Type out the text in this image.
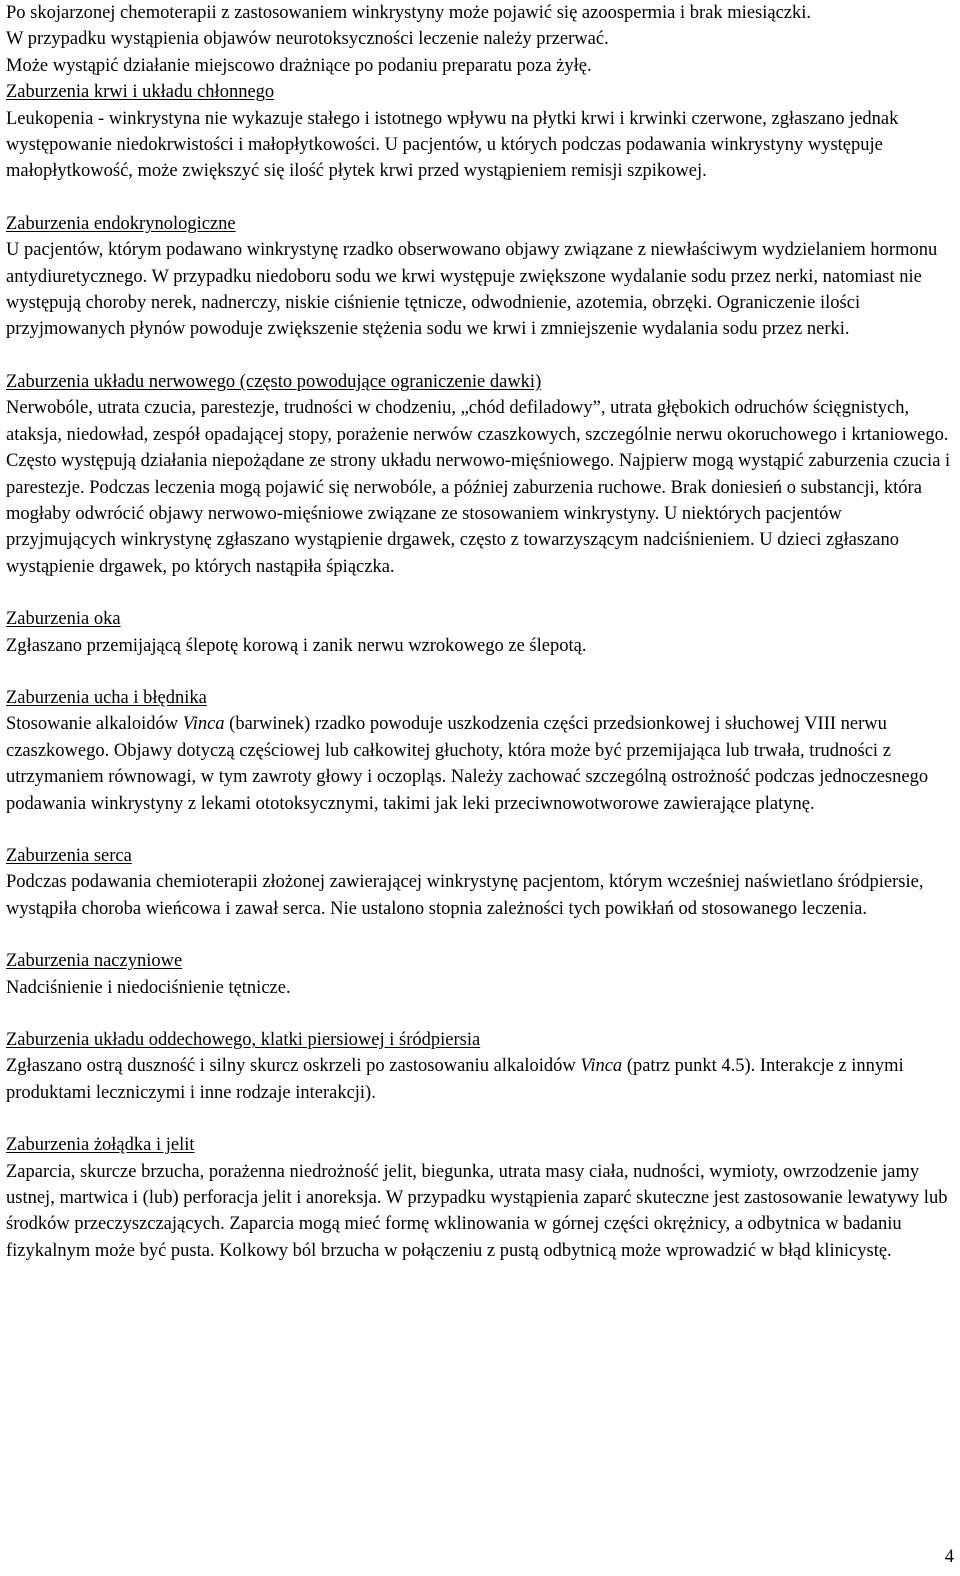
Po skojarzonej chemoterapii z zastosowaniem winkrystyny może pojawić się azoospermia i brak miesiączki.

W przypadku wystąpienia objawów neurotoksyczności leczenie należy przerwać.

Może wystąpić działanie miejscowo drażniące po podaniu preparatu poza żyłę.

Zaburzenia krwi i układu chłonnego

Leukopenia - winkrystyna nie wykazuje stałego i istotnego wpływu na płytki krwi i krwinki czerwone, zgłaszano jednak występowanie niedokrwistości i małopłytkowości. U pacjentów, u których podczas podawania winkrystyny występuje małopłytkowość, może zwiększyć się ilość płytek krwi przed wystąpieniem remisji szpikowej.

Zaburzenia endokrynologiczne

U pacjentów, którym podawano winkrystynę rzadko obserwowano objawy związane z niewłaściwym wydzielaniem hormonu antydiuretycznego. W przypadku niedoboru sodu we krwi występuje zwiększone wydalanie sodu przez nerki, natomiast nie występują choroby nerek, nadnerczy, niskie ciśnienie tętnicze, odwodnienie, azotemia, obrzęki. Ograniczenie ilości przyjmowanych płynów powoduje zwiększenie stężenia sodu we krwi i zmniejszenie wydalania sodu przez nerki.

Zaburzenia układu nerwowego (często powodujące ograniczenie dawki)

Nerwobóle, utrata czucia, parestezje, trudności w chodzeniu, „chód defiladowy”, utrata głębokich odruchów ścięgnistych, ataksja, niedowład, zespół opadającej stopy, porażenie nerwów czaszkowych, szczególnie nerwu okoruchowego i krtaniowego. Często występują działania niepożądane ze strony układu nerwowo-mięśniowego. Najpierw mogą wystąpić zaburzenia czucia i parestezje. Podczas leczenia mogą pojawić się nerwobóle, a później zaburzenia ruchowe. Brak doniesień o substancji, która mogłaby odwrócić objawy nerwowo-mięśniowe związane ze stosowaniem winkrystyny. U niektórych pacjentów przyjmujących winkrystynę zgłaszano wystąpienie drgawek, często z towarzyszącym nadciśnieniem. U dzieci zgłaszano wystąpienie drgawek, po których nastąpiła śpiączka.

Zaburzenia oka

Zgłaszano przemijającą ślepotę korową i zanik nerwu wzrokowego ze ślepotą.

Zaburzenia ucha i błędnika

Stosowanie alkaloidów Vinca (barwinek) rzadko powoduje uszkodzenia części przedsionkowej i słuchowej VIII nerwu czaszkowego. Objawy dotyczą częściowej lub całkowitej głuchoty, która może być przemijająca lub trwała, trudności z utrzymaniem równowagi, w tym zawroty głowy i oczopląs. Należy zachować szczególną ostrożność podczas jednoczesnego podawania winkrystyny z lekami ototoksycznymi, takimi jak leki przeciwnowotworowe zawierające platynę.

Zaburzenia serca

Podczas podawania chemioterapii złożonej zawierającej winkrystynę pacjentom, którym wcześniej naświetlano śródpiersie, wystąpiła choroba wieńcowa i zawał serca. Nie ustalono stopnia zależności tych powikłań od stosowanego leczenia.

Zaburzenia naczyniowe

Nadciśnienie i niedociśnienie tętnicze.

Zaburzenia układu oddechowego, klatki piersiowej i śródpiersia

Zgłaszano ostrą duszność i silny skurcz oskrzeli po zastosowaniu alkaloidów Vinca (patrz punkt 4.5). Interakcje z innymi produktami leczniczymi i inne rodzaje interakcji).

Zaburzenia żołądka i jelit

Zaparcia, skurcze brzucha, porażenna niedrożność jelit, biegunka, utrata masy ciała, nudności, wymioty, owrzodzenie jamy ustnej, martwica i (lub) perforacja jelit i anoreksja. W przypadku wystąpienia zaparć skuteczne jest zastosowanie lewatywy lub środków przeczyszczających. Zaparcia mogą mieć formę wklinowania w górnej części okrężnicy, a odbytnica w badaniu fizykalnym może być pusta. Kolkowy ból brzucha w połączeniu z pustą odbytnicą może wprowadzić w błąd klinicystę.

4
